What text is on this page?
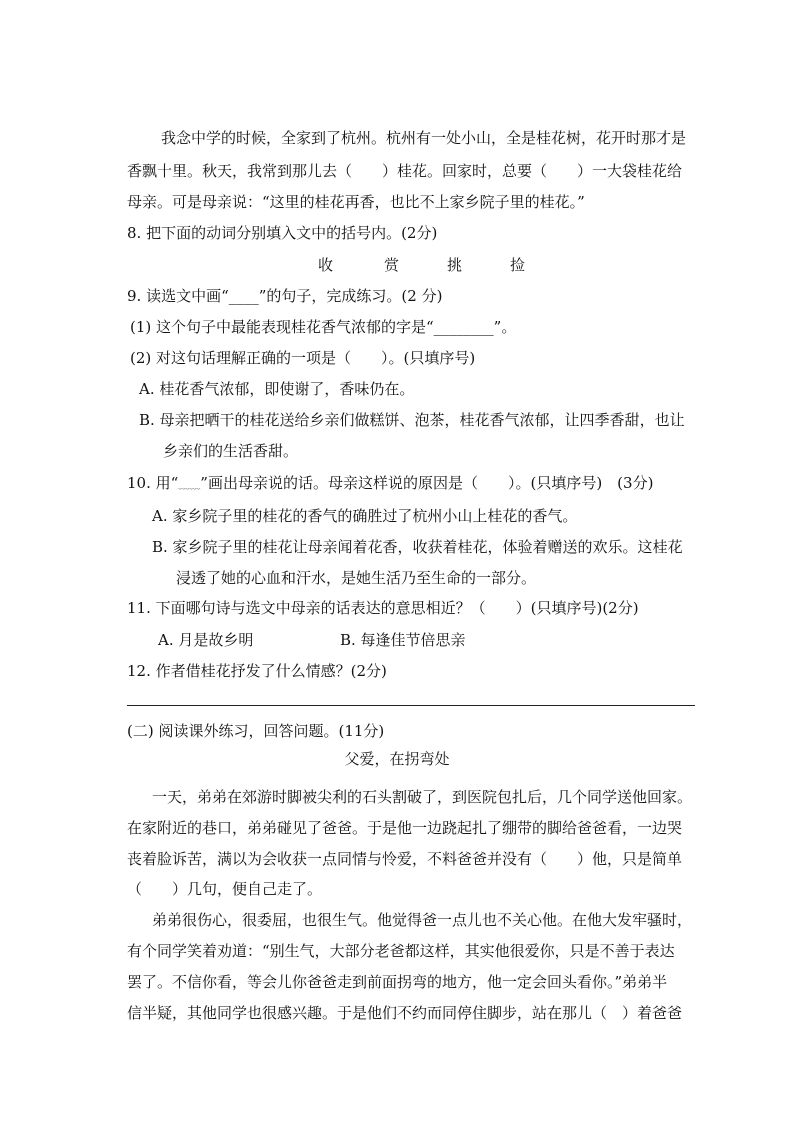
我念中学的时候，全家到了杭州。杭州有一处小山，全是桂花树，花开时那才是
香飘十里。秋天，我常到那儿去（　　）桂花。回家时，总要（　　）一大袋桂花给
母亲。可是母亲说：“这里的桂花再香，也比不上家乡院子里的桂花。”
8. 把下面的动词分别填入文中的括号内。(2分)
收	赏	挑	捡
9. 读选文中画“____”的句子，完成练习。(2 分)
(1) 这个句子中最能表现桂花香气浓郁的字是“________”。
(2) 对这句话理解正确的一项是（　　）。(只填序号)
A. 桂花香气浓郁，即使谢了，香味仍在。
B. 母亲把晒干的桂花送给乡亲们做糕饼、泡茶，桂花香气浓郁，让四季香甜，也让
乡亲们的生活香甜。
10. 用“﹏﹏”画出母亲说的话。母亲这样说的原因是（　　）。(只填序号)　(3分)
A. 家乡院子里的桂花的香气的确胜过了杭州小山上桂花的香气。
B. 家乡院子里的桂花让母亲闻着花香，收获着桂花，体验着赠送的欢乐。这桂花
浸透了她的心血和汗水，是她生活乃至生命的一部分。
11. 下面哪句诗与选文中母亲的话表达的意思相近？（　　）(只填序号)(2分)
A. 月是故乡明	B. 每逢佳节倍思亲
12. 作者借桂花抒发了什么情感？(2分)
(二) 阅读课外练习，回答问题。(11分)
父爱，在拐弯处
一天，弟弟在郊游时脚被尖利的石头割破了，到医院包扎后，几个同学送他回家。
在家附近的巷口，弟弟碰见了爸爸。于是他一边跷起扎了绷带的脚给爸爸看，一边哭
丧着脸诉苦，满以为会收获一点同情与怜爱，不料爸爸并没有（　　）他，只是简单
（　　）几句，便自己走了。
弟弟很伤心，很委屈，也很生气。他觉得爸一点儿也不关心他。在他大发牢骚时，
有个同学笑着劝道：“别生气，大部分老爸都这样，其实他很爱你，只是不善于表达
罢了。不信你看，等会儿你爸爸走到前面拐弯的地方，他一定会回头看你。”弟弟半
信半疑，其他同学也很感兴趣。于是他们不约而同停住脚步，站在那儿（　）着爸爸
